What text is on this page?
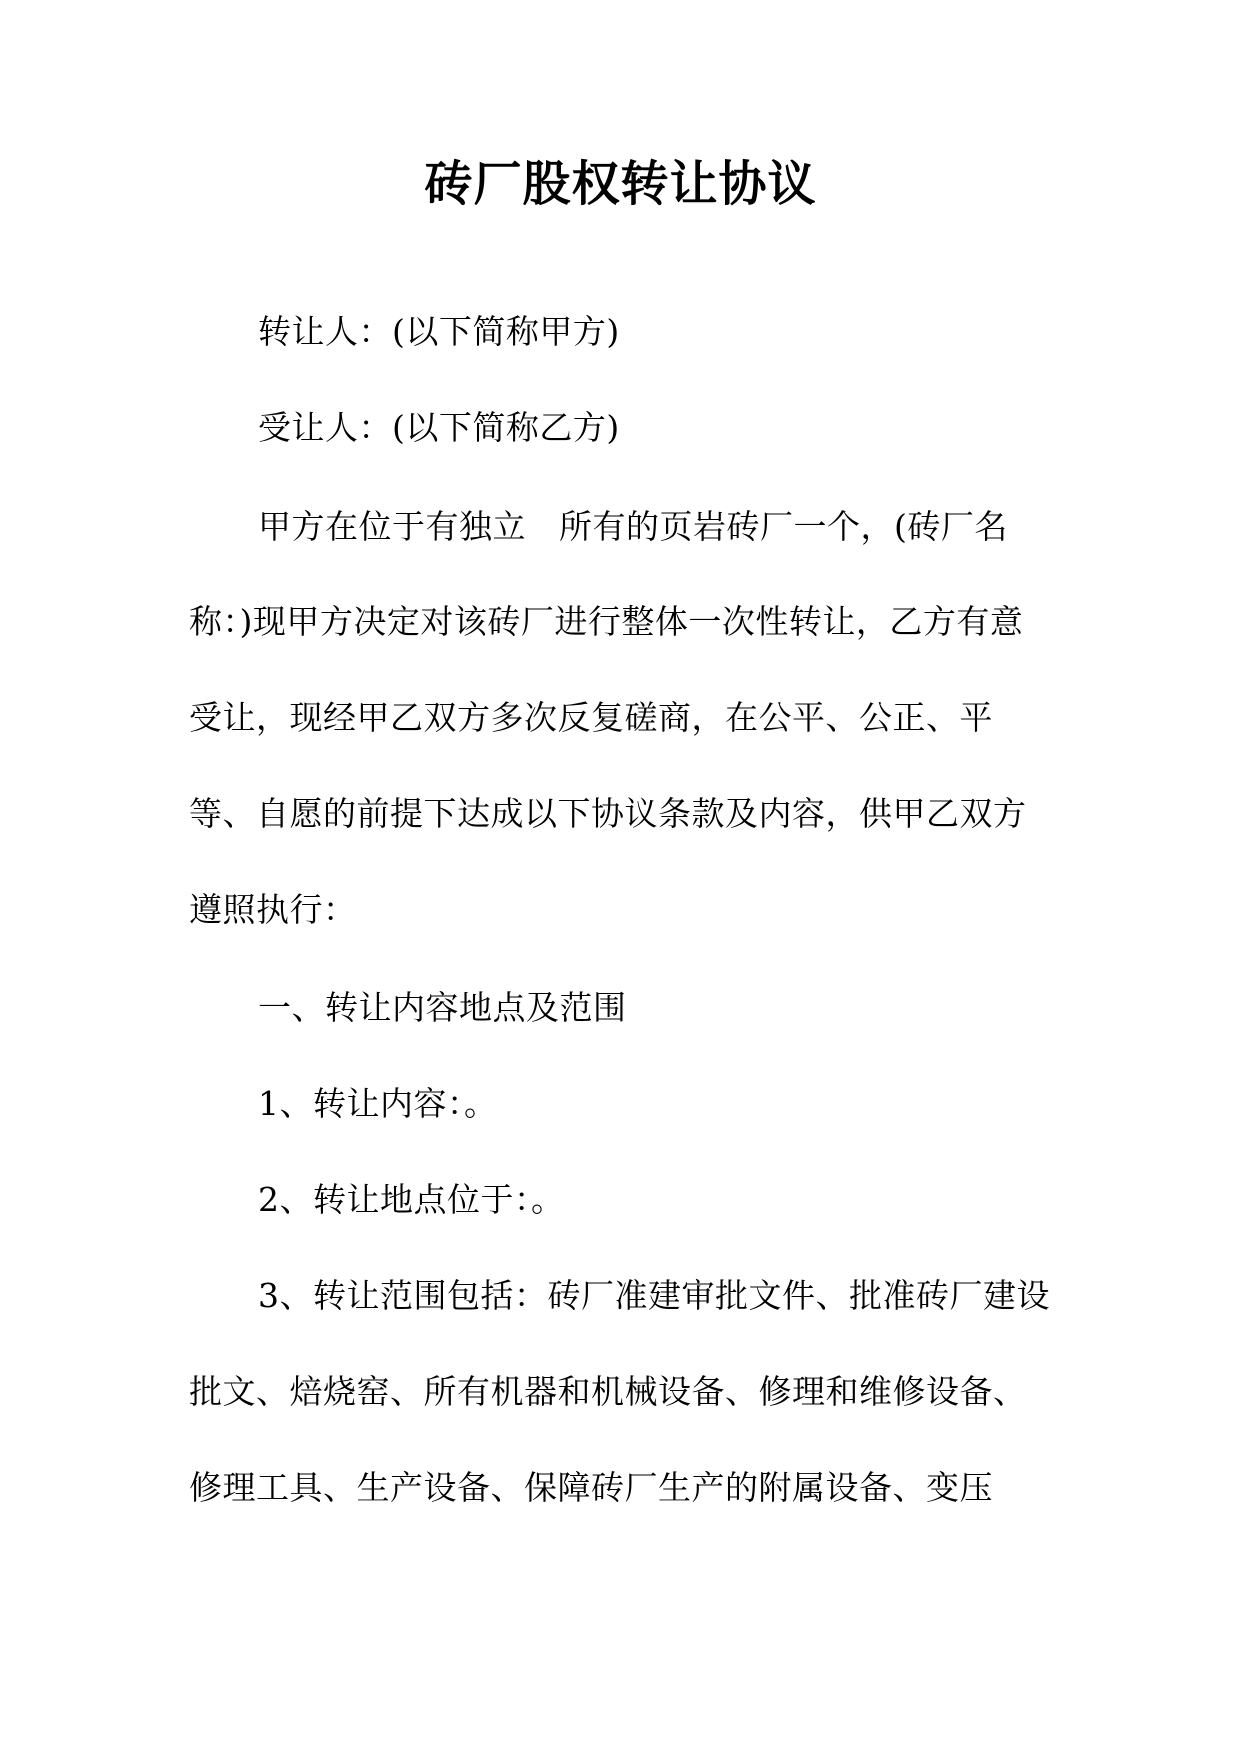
砖厂股权转让协议
转让人：(以下简称甲方)
受让人：(以下简称乙方)
甲方在位于有独立   所有的页岩砖厂一个，(砖厂名
称：)现甲方决定对该砖厂进行整体一次性转让，乙方有意
受让，现经甲乙双方多次反复磋商，在公平、公正、平
等、自愿的前提下达成以下协议条款及内容，供甲乙双方
遵照执行：
一、转让内容地点及范围
1、转让内容：。
2、转让地点位于：。
3、转让范围包括：砖厂准建审批文件、批准砖厂建设
批文、焙烧窑、所有机器和机械设备、修理和维修设备、
修理工具、生产设备、保障砖厂生产的附属设备、变压
